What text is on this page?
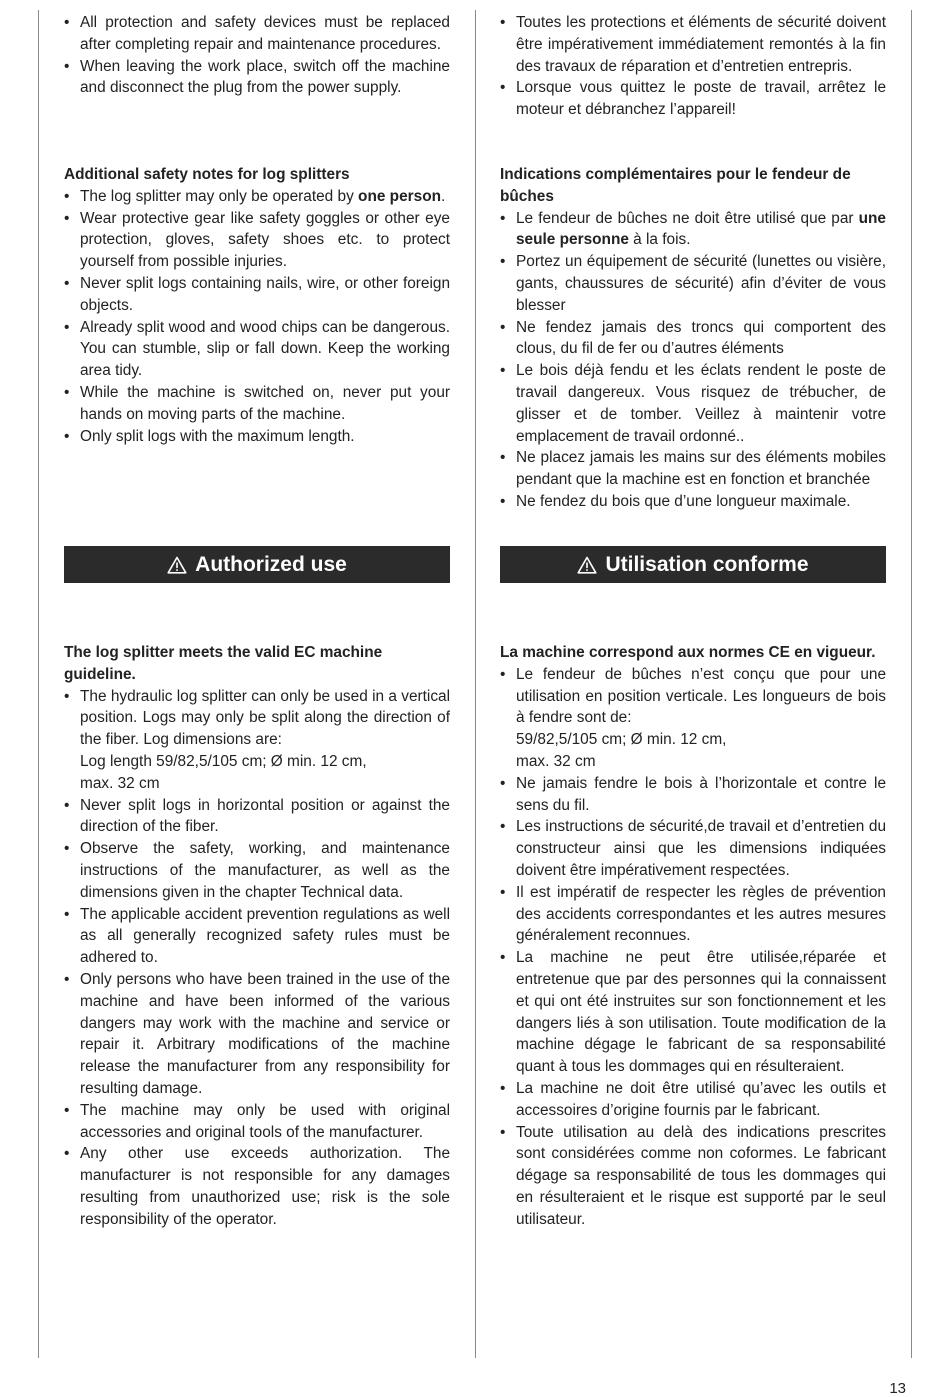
• All protection and safety devices must be replaced after completing repair and maintenance procedures.
• When leaving the work place, switch off the machine and disconnect the plug from the power supply.

Additional safety notes for log splitters

• The log splitter may only be operated by one person.
• Wear protective gear like safety goggles or other eye protection, gloves, safety shoes etc. to protect yourself from possible injuries.
• Never split logs containing nails, wire, or other foreign objects.
• Already split wood and wood chips can be dangerous. You can stumble, slip or fall down. Keep the working area tidy.
• While the machine is switched on, never put your hands on moving parts of the machine.
• Only split logs with the maximum length.
Authorized use

The log splitter meets the valid EC machine guideline.

• The hydraulic log splitter can only be used in a vertical position. Logs may only be split along the direction of the fiber. Log dimensions are:
Log length 59/82,5/105 cm; Ø min. 12 cm,
max. 32 cm
• Never split logs in horizontal position or against the direction of the fiber.
• Observe the safety, working, and maintenance instructions of the manufacturer, as well as the dimensions given in the chapter Technical data.
• The applicable accident prevention regulations as well as all generally recognized safety rules must be adhered to.
• Only persons who have been trained in the use of the machine and have been informed of the various dangers may work with the machine and service or repair it. Arbitrary modifications of the machine release the manufacturer from any responsibility for resulting damage.
• The machine may only be used with original accessories and original tools of the manufacturer.
• Any other use exceeds authorization. The manufacturer is not responsible for any damages resulting from unauthorized use; risk is the sole responsibility of the operator.
• Toutes les protections et éléments de sécurité doivent être impérativement immédiatement remontés à la fin des travaux de réparation et d’entretien entrepris.
• Lorsque vous quittez le poste de travail, arrêtez le moteur et débranchez l’appareil!

Indications complémentaires pour le fendeur de bûches

• Le fendeur de bûches ne doit être utilisé que par une seule personne à la fois.
• Portez un équipement de sécurité (lunettes ou visière, gants, chaussures de sécurité) afin d’éviter de vous blesser
• Ne fendez jamais des troncs qui comportent des clous, du fil de fer ou d’autres éléments
• Le bois déjà fendu et les éclats rendent le poste de travail dangereux. Vous risquez de trébucher, de glisser et de tomber. Veillez à maintenir votre emplacement de travail ordonné..
• Ne placez jamais les mains sur des éléments mobiles pendant que la machine est en fonction et branchée
• Ne fendez du bois que d’une longueur maximale.
Utilisation conforme

La machine correspond aux normes CE en vigueur.

• Le fendeur de bûches n’est conçu que pour une utilisation en position verticale. Les longueurs de bois à fendre sont de:
59/82,5/105 cm; Ø min. 12 cm,
max. 32 cm
• Ne jamais fendre le bois à l’horizontale et contre le sens du fil.
• Les instructions de sécurité,de travail et d’entretien du constructeur ainsi que les dimensions indiquées doivent être impérativement respectées.
• Il est impératif de respecter les règles de prévention des accidents correspondantes et les autres mesures généralement reconnues.
• La machine ne peut être utilisée,réparée et entretenue que par des personnes qui la connaissent et qui ont été instruites sur son fonctionnement et les dangers liés à son utilisation. Toute modification de la machine dégage le fabricant de sa responsabilité quant à tous les dommages qui en résulteraient.
• La machine ne doit être utilisé qu’avec les outils et accessoires d’origine fournis par le fabricant.
• Toute utilisation au delà des indications prescrites sont considérées comme non coformes. Le fabricant dégage sa responsabilité de tous les dommages qui en résulteraient et le risque est supporté par le seul utilisateur.
13
